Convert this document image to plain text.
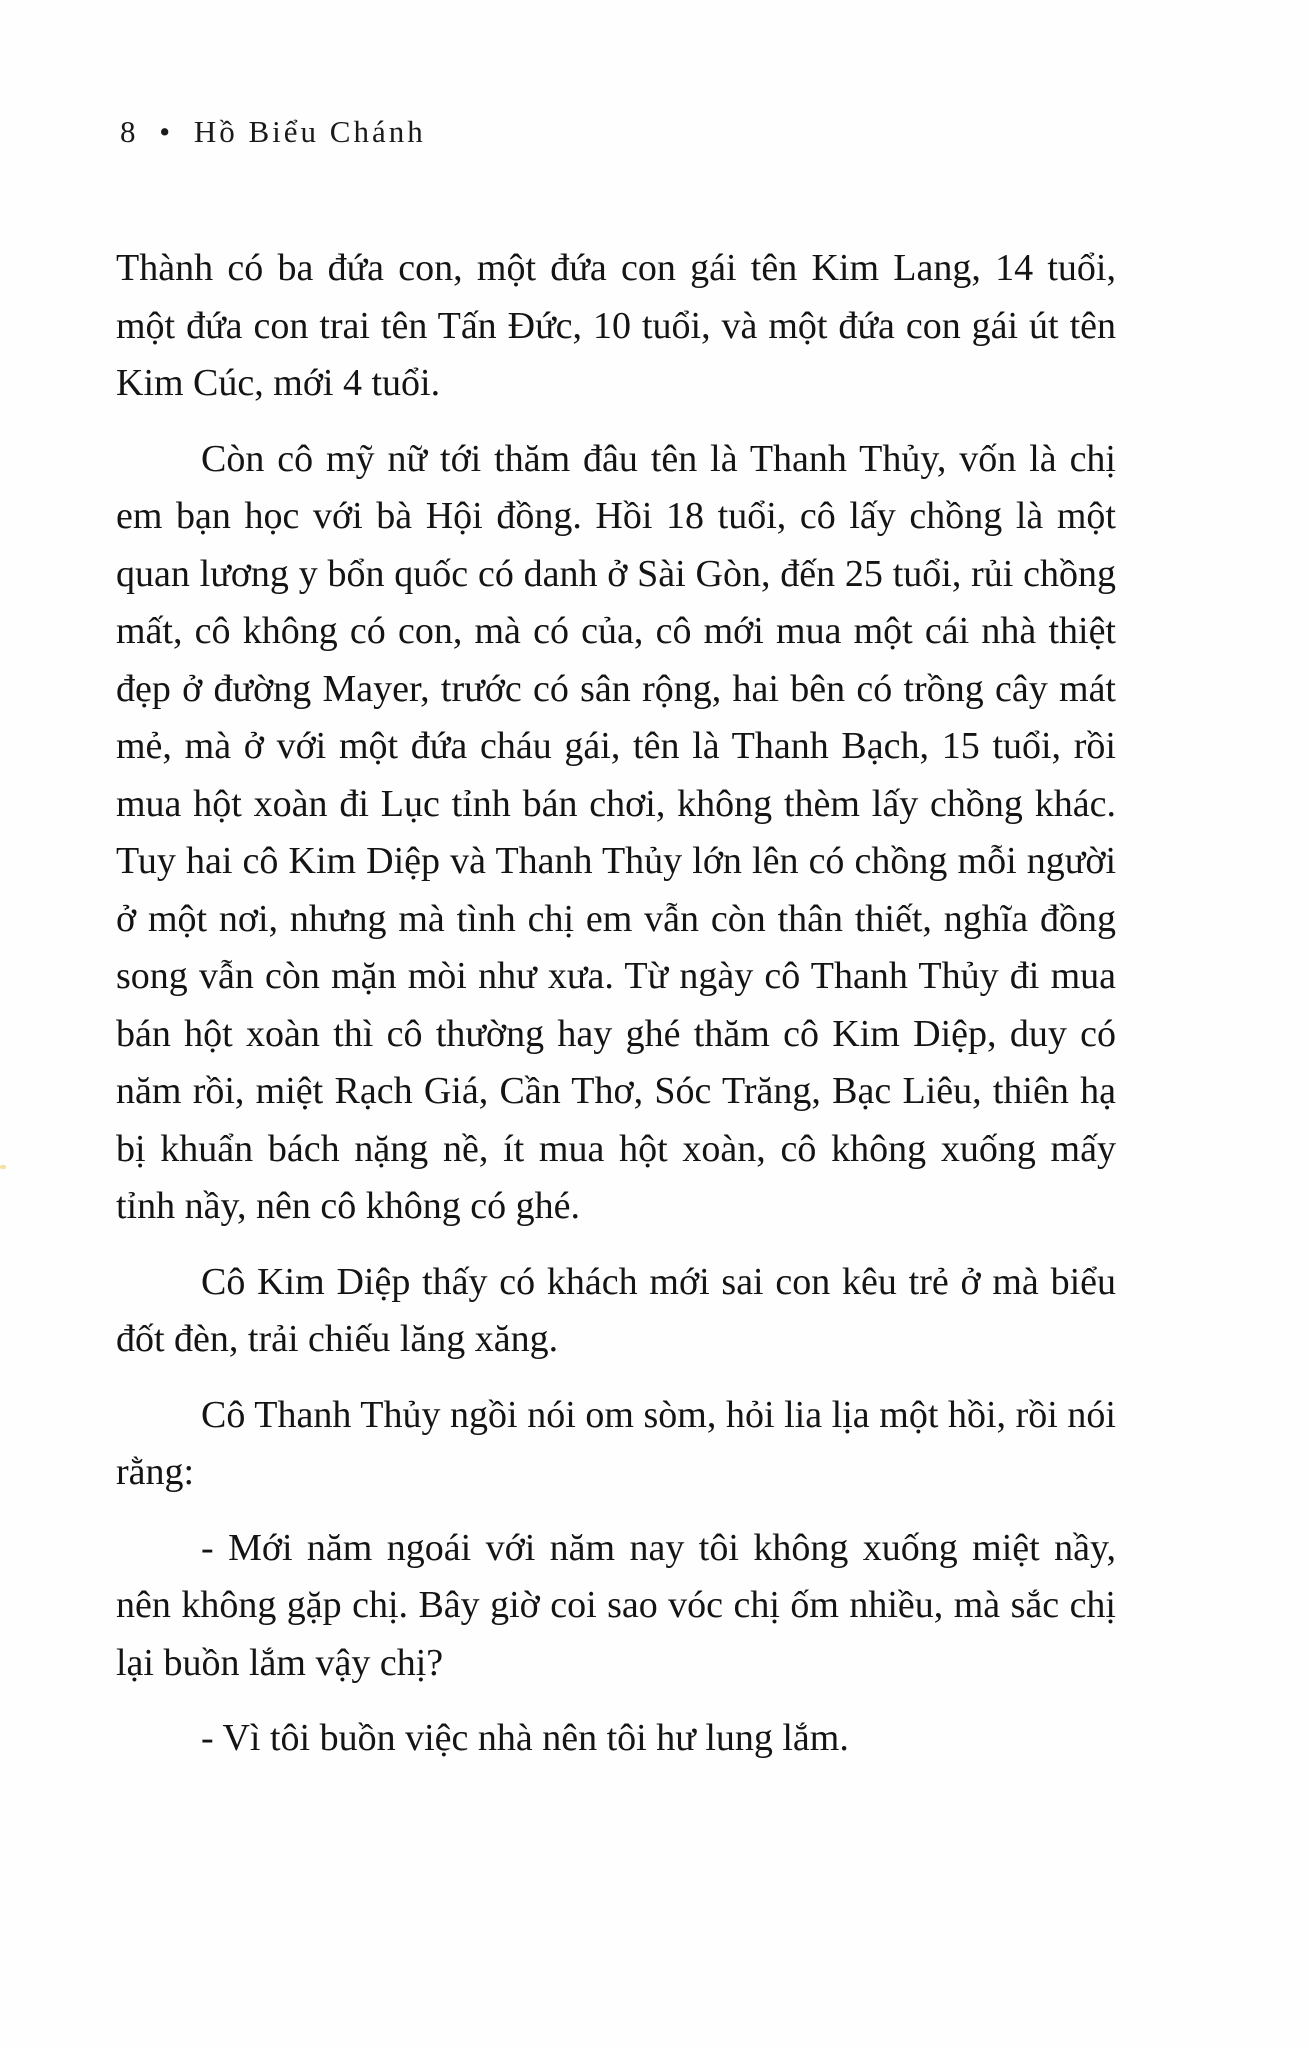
8 • Hồ Biểu Chánh

Thành có ba đứa con, một đứa con gái tên Kim Lang, 14 tuổi, một đứa con trai tên Tấn Đức, 10 tuổi, và một đứa con gái út tên Kim Cúc, mới 4 tuổi.

Còn cô mỹ nữ tới thăm đâu tên là Thanh Thủy, vốn là chị em bạn học với bà Hội đồng. Hồi 18 tuổi, cô lấy chồng là một quan lương y bổn quốc có danh ở Sài Gòn, đến 25 tuổi, rủi chồng mất, cô không có con, mà có của, cô mới mua một cái nhà thiệt đẹp ở đường Mayer, trước có sân rộng, hai bên có trồng cây mát mẻ, mà ở với một đứa cháu gái, tên là Thanh Bạch, 15 tuổi, rồi mua hột xoàn đi Lục tỉnh bán chơi, không thèm lấy chồng khác. Tuy hai cô Kim Diệp và Thanh Thủy lớn lên có chồng mỗi người ở một nơi, nhưng mà tình chị em vẫn còn thân thiết, nghĩa đồng song vẫn còn mặn mòi như xưa. Từ ngày cô Thanh Thủy đi mua bán hột xoàn thì cô thường hay ghé thăm cô Kim Diệp, duy có năm rồi, miệt Rạch Giá, Cần Thơ, Sóc Trăng, Bạc Liêu, thiên hạ bị khuẩn bách nặng nề, ít mua hột xoàn, cô không xuống mấy tỉnh nầy, nên cô không có ghé.

Cô Kim Diệp thấy có khách mới sai con kêu trẻ ở mà biểu đốt đèn, trải chiếu lăng xăng.

Cô Thanh Thủy ngồi nói om sòm, hỏi lia lịa một hồi, rồi nói rằng:

- Mới năm ngoái với năm nay tôi không xuống miệt nầy, nên không gặp chị. Bây giờ coi sao vóc chị ốm nhiều, mà sắc chị lại buồn lắm vậy chị?

- Vì tôi buồn việc nhà nên tôi hư lung lắm.
